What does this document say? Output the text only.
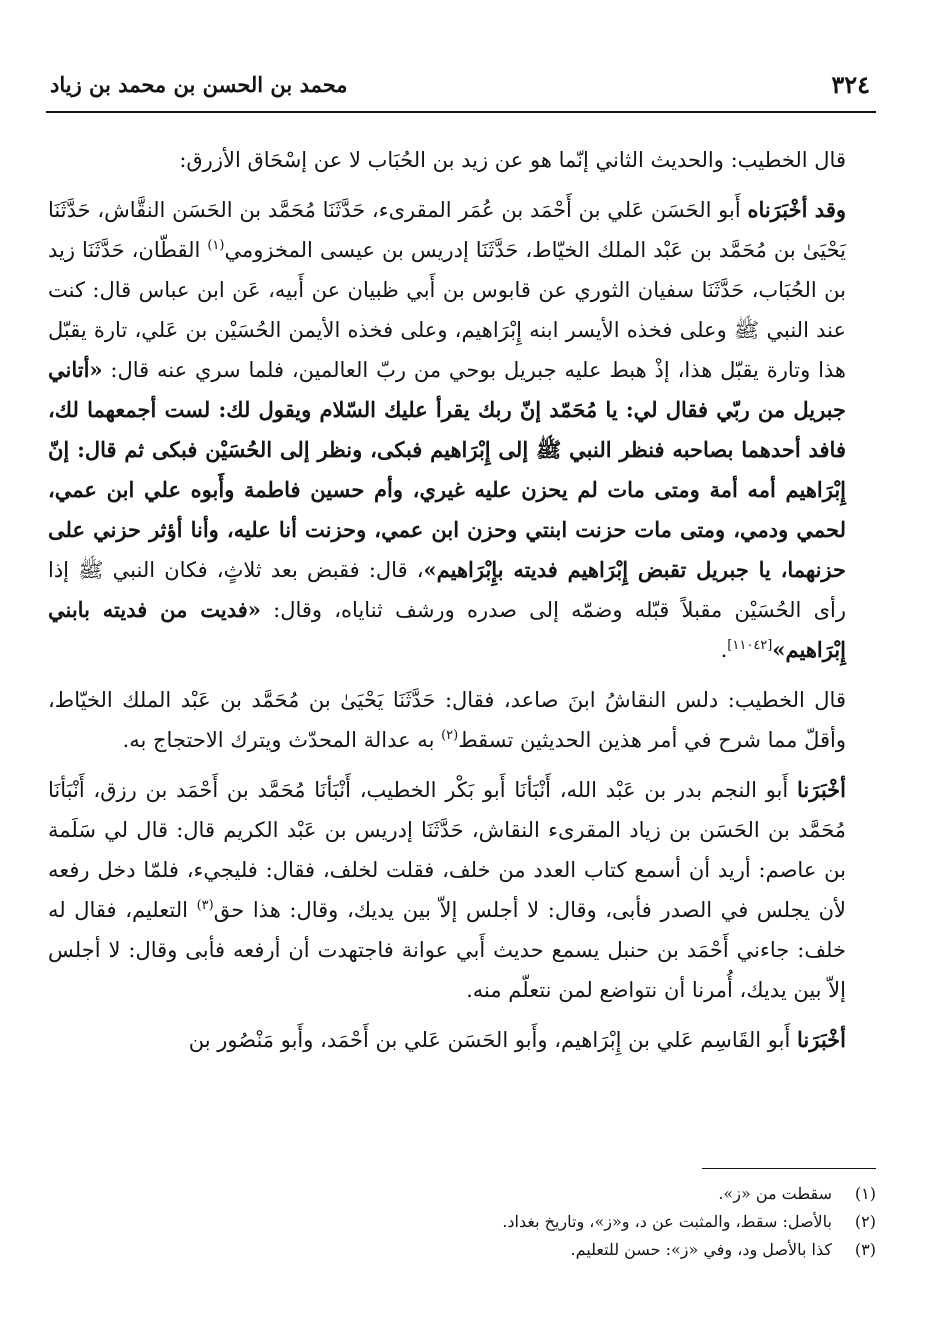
٣٢٤
محمد بن الحسن بن محمد بن زياد
قال الخطيب: والحديث الثاني إنّما هو عن زيد بن الحُبَاب لا عن إسْحَاق الأزرق:
وقد أخْبَرَناه أَبو الحَسَن عَلي بن أَحْمَد بن عُمَر المقرىء، حَدَّثَنَا مُحَمَّد بن الحَسَن النقَّاش، حَدَّثَنَا يَحْيَىٰ بن مُحَمَّد بن عَبْد الملك الخيّاط، حَدَّثَنَا إدريس بن عيسى المخزومي$^{(١)}$ القطّان، حَدَّثَنَا زيد بن الحُبَاب، حَدَّثَنَا سفيان الثوري عن قابوس بن أَبي ظبيان عن أَبيه، عَن ابن عباس قال: كنت عند النبي ﷺ وعلى فخذه الأيسر ابنه إِبْرَاهيم، وعلى فخذه الأيمن الحُسَيْن بن عَلي، تارة يقبّل هذا وتارة يقبّل هذا، إذْ هبط عليه جبريل بوحي من ربّ العالمين، فلما سري عنه قال: «أتاني جبريل من ربّي فقال لي: يا مُحَمّد إنّ ربك يقرأ عليك السّلام ويقول لك: لست أجمعهما لك، فافد أحدهما بصاحبه فنظر النبي ﷺ إلى إِبْرَاهيم فبكى، ونظر إلى الحُسَيْن فبكى ثم قال: إنّ إِبْرَاهيم أمه أمة ومتى مات لم يحزن عليه غيري، وأم حسين فاطمة وأَبوه علي ابن عمي، لحمي ودمي، ومتى مات حزنت ابنتي وحزن ابن عمي، وحزنت أنا عليه، وأنا أؤثر حزني على حزنهما، يا جبريل تقبض إِبْرَاهيم فديته بإِبْرَاهيم»، قال: فقبض بعد ثلاثٍ، فكان النبي ﷺ إذا رأى الحُسَيْن مقبلاً قبّله وضمّه إلى صدره ورشف ثناياه، وقال: «فديت من فديته بابني إِبْرَاهيم»[١١٠٤٢].
قال الخطيب: دلس النقاشُ ابنَ صاعد، فقال: حَدَّثَنَا يَحْيَىٰ بن مُحَمَّد بن عَبْد الملك الخيّاط، وأقلّ مما شرح في أمر هذين الحديثين تسقط$^{(٢)}$ به عدالة المحدّث ويترك الاحتجاج به.
أخْبَرَنا أَبو النجم بدر بن عَبْد الله، أَنْبَأنَا أَبو بَكْر الخطيب، أَنْبَأنَا مُحَمَّد بن أَحْمَد بن رزق، أَنْبَأنَا مُحَمَّد بن الحَسَن بن زياد المقرىء النقاش، حَدَّثَنَا إدريس بن عَبْد الكريم قال: قال لي سَلَمة بن عاصم: أريد أن أسمع كتاب العدد من خلف، فقلت لخلف، فقال: فليجيء، فلمّا دخل رفعه لأن يجلس في الصدر فأبى، وقال: لا أجلس إلاّ بين يديك، وقال: هذا حق$^{(٣)}$ التعليم، فقال له خلف: جاءني أَحْمَد بن حنبل يسمع حديث أَبي عوانة فاجتهدت أن أرفعه فأبى وقال: لا أجلس إلاّ بين يديك، أُمرنا أن نتواضع لمن نتعلّم منه.
أخْبَرَنا أَبو القَاسِم عَلي بن إِبْرَاهيم، وأَبو الحَسَن عَلي بن أَحْمَد، وأَبو مَنْصُور بن
(١)
سقطت من «ز».
(٢)
بالأصل: سقط، والمثبت عن د، و«ز»، وتاريخ بغداد.
(٣)
كذا بالأصل ود، وفي «ز»: حسن للتعليم.
